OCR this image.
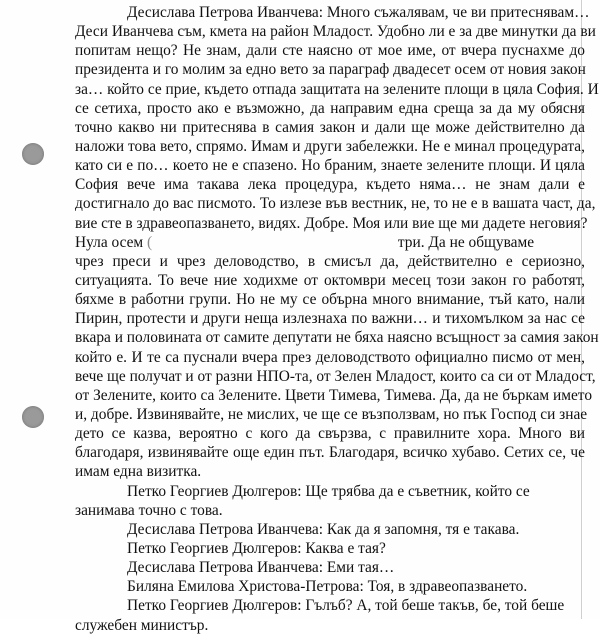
Десислава Петрова Иванчева: Много съжалявам, че ви притеснявам…
Деси Иванчева съм, кмета на район Младост. Удобно ли е за две минутки да ви
попитам нещо? Не знам, дали сте наясно от мое име, от вчера пуснахме до
президента и го молим за едно вето за параграф двадесет осем от новия закон
за… който се прие, където отпада защитата на зелените площи в цяла София. И
се сетиха, просто ако е възможно, да направим една среща за да му обясня
точно какво ни притеснява в самия закон и дали ще може действително да
наложи това вето, спрямо. Имам и други забележки. Не е минал процедурата,
като си е по… което не е спазено. Но браним, знаете зелените площи. И цяла
София вече има такава лека процедура, където няма… не знам дали е
достигнало до вас писмото. То излезе във вестник, не, то не е в вашата част, да,
вие сте в здравеопазването, видях. Добре. Моя или вие ще ми дадете неговия?
Нула осем (	три. Да не общуваме
чрез преси и чрез деловодство, в смисъл да, действително е сериозно,
ситуацията. То вече ние ходихме от октомври месец този закон го работят,
бяхме в работни групи. Но не му се обърна много внимание, тъй като, нали
Пирин, протести и други неща излезнаха по важни… и тихомълком за нас се
вкара и половината от самите депутати не бяха наясно всъщност за самия закон
който е. И те са пуснали вчера през деловодството официално писмо от мен,
вече ще получат и от разни НПО-та, от Зелен Младост, които са си от Младост,
от Зелените, които са Зелените. Цвети Тимева, Тимева. Да, да не бъркам името
и, добре. Извинявайте, не мислих, че ще се възползвам, но пък Господ си знае
дето се казва, вероятно с кого да свързва, с правилните хора. Много ви
благодаря, извинявайте още един път. Благодаря, всичко хубаво. Сетих се, че
имам една визитка.
Петко Георгиев Дюлгеров: Ще трябва да е съветник, който се
занимава точно с това.
Десислава Петрова Иванчева: Как да я запомня, тя е такава.
Петко Георгиев Дюлгеров: Каква е тая?
Десислава Петрова Иванчева: Еми тая…
Биляна Емилова Христова-Петрова: Тоя, в здравеопазването.
Петко Георгиев Дюлгеров: Гълъб? А, той беше такъв, бе, той беше
служебен министър.
